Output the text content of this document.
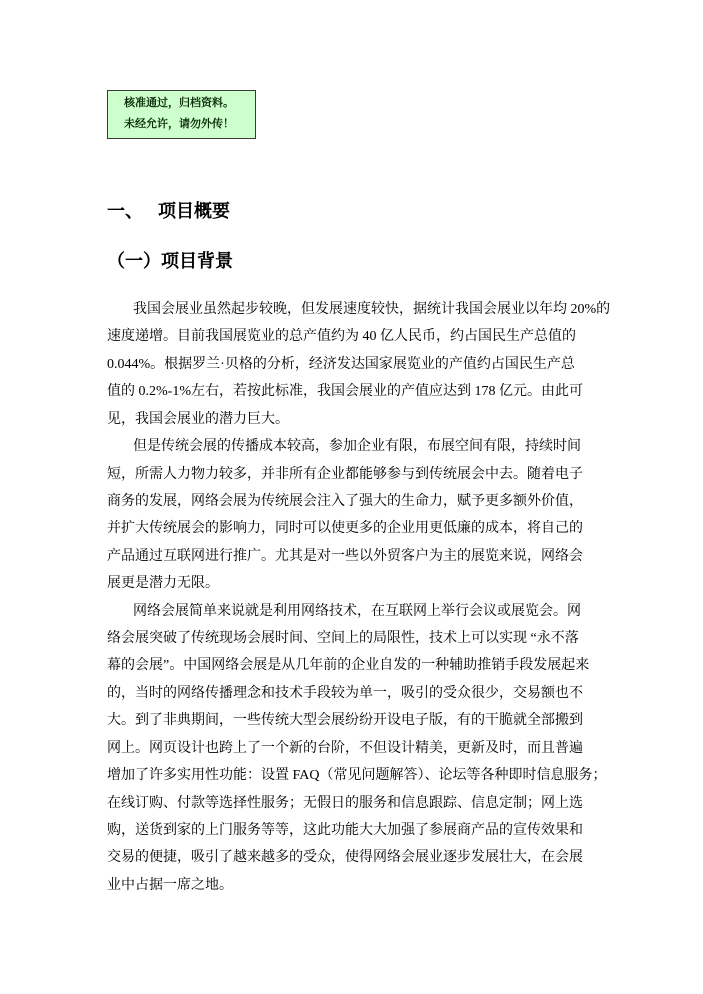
核准通过，归档资料。
未经允许，请勿外传！
一、 项目概要
（一）项目背景
我国会展业虽然起步较晚，但发展速度较快，据统计我国会展业以年均 20%的
速度递增。目前我国展览业的总产值约为 40 亿人民币，约占国民生产总值的
0.044%。根据罗兰·贝格的分析，经济发达国家展览业的产值约占国民生产总
值的 0.2%-1%左右，若按此标准，我国会展业的产值应达到 178 亿元。由此可
见，我国会展业的潜力巨大。
但是传统会展的传播成本较高，参加企业有限，布展空间有限，持续时间
短，所需人力物力较多，并非所有企业都能够参与到传统展会中去。随着电子
商务的发展，网络会展为传统展会注入了强大的生命力，赋予更多额外价值，
并扩大传统展会的影响力，同时可以使更多的企业用更低廉的成本，将自己的
产品通过互联网进行推广。尤其是对一些以外贸客户为主的展览来说，网络会
展更是潜力无限。
网络会展简单来说就是利用网络技术，在互联网上举行会议或展览会。网
络会展突破了传统现场会展时间、空间上的局限性，技术上可以实现 “永不落
幕的会展”。中国网络会展是从几年前的企业自发的一种辅助推销手段发展起来
的，当时的网络传播理念和技术手段较为单一，吸引的受众很少，交易额也不
大。到了非典期间，一些传统大型会展纷纷开设电子版，有的干脆就全部搬到
网上。网页设计也跨上了一个新的台阶，不但设计精美，更新及时，而且普遍
增加了许多实用性功能：设置 FAQ（常见问题解答）、论坛等各种即时信息服务；
在线订购、付款等选择性服务；无假日的服务和信息跟踪、信息定制；网上选
购，送货到家的上门服务等等，这此功能大大加强了参展商产品的宣传效果和
交易的便捷，吸引了越来越多的受众，使得网络会展业逐步发展壮大，在会展
业中占据一席之地。
